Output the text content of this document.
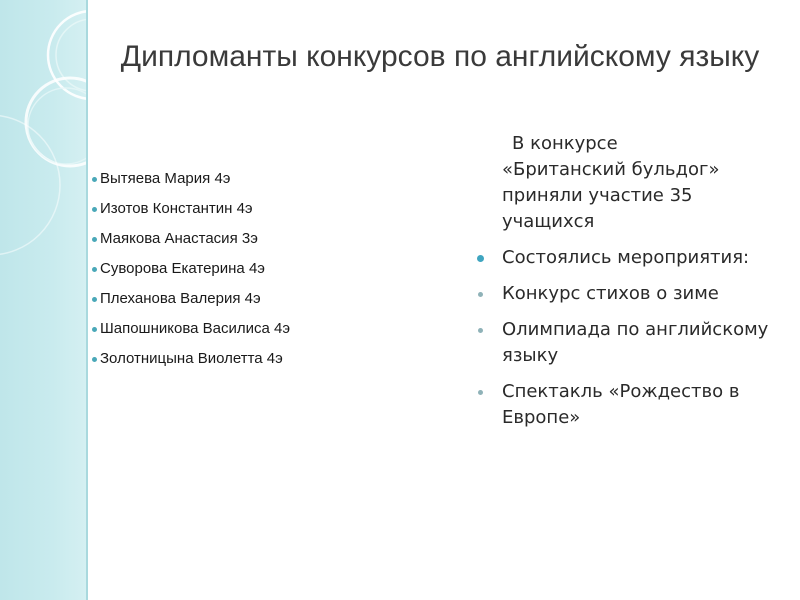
Дипломанты конкурсов по английскому языку
Вытяева Мария 4э
Изотов Константин 4э
Маякова Анастасия 3э
Суворова Екатерина 4э
Плеханова Валерия 4э
Шапошникова Василиса 4э
Золотницына Виолетта 4э
В конкурсе
«Британский бульдог»
приняли участие 35
учащихся
Состоялись мероприятия:
Конкурс стихов о зиме
Олимпиада по английскому языку
Спектакль «Рождество в Европе»
